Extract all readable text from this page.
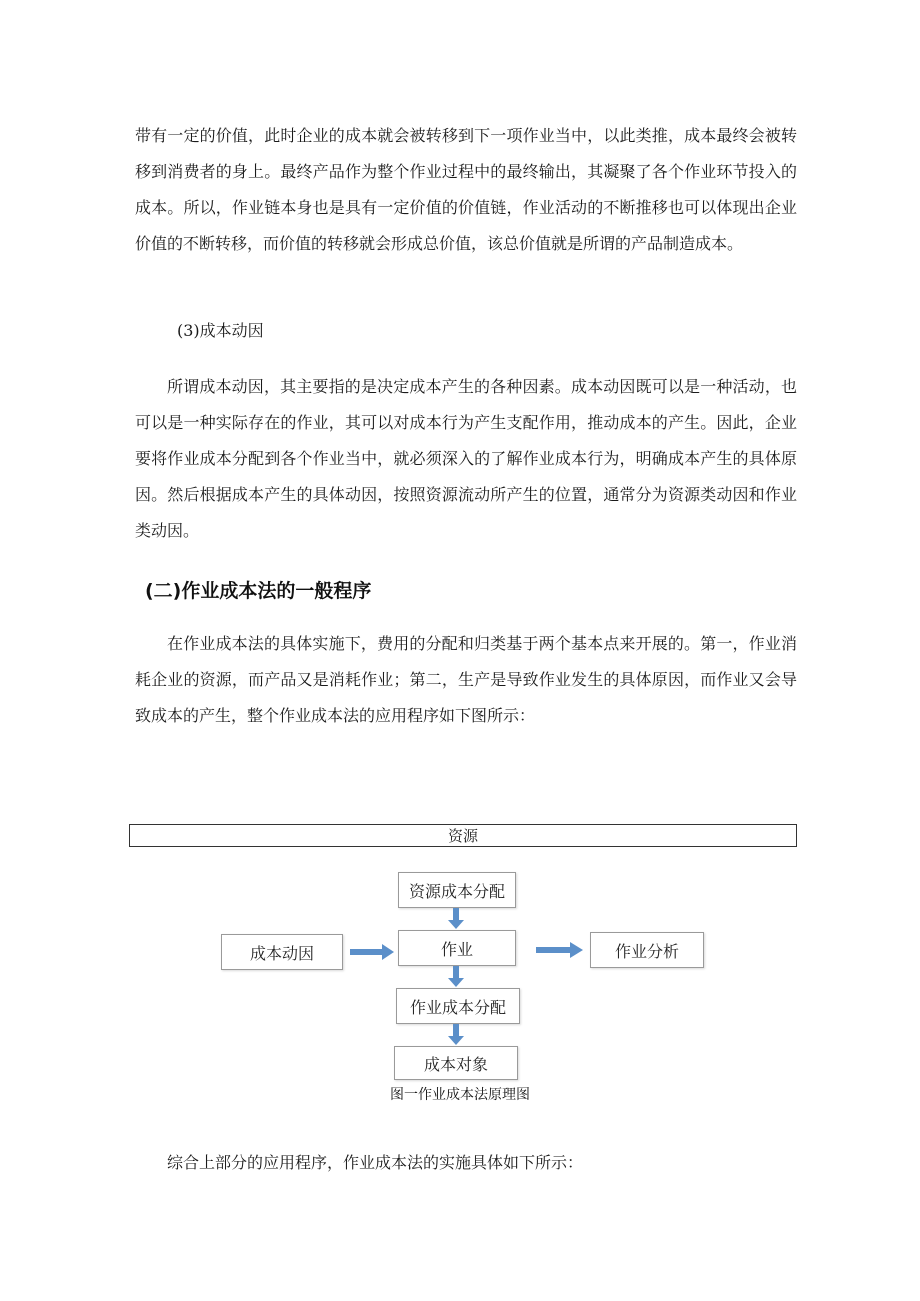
带有一定的价值，此时企业的成本就会被转移到下一项作业当中，以此类推，成本最终会被转移到消费者的身上。最终产品作为整个作业过程中的最终输出，其凝聚了各个作业环节投入的成本。所以，作业链本身也是具有一定价值的价值链，作业活动的不断推移也可以体现出企业价值的不断转移，而价值的转移就会形成总价值，该总价值就是所谓的产品制造成本。

(3)成本动因

所谓成本动因，其主要指的是决定成本产生的各种因素。成本动因既可以是一种活动，也可以是一种实际存在的作业，其可以对成本行为产生支配作用，推动成本的产生。因此，企业要将作业成本分配到各个作业当中，就必须深入的了解作业成本行为，明确成本产生的具体原因。然后根据成本产生的具体动因，按照资源流动所产生的位置，通常分为资源类动因和作业类动因。

(二)作业成本法的一般程序

在作业成本法的具体实施下，费用的分配和归类基于两个基本点来开展的。第一，作业消耗企业的资源，而产品又是消耗作业；第二，生产是导致作业发生的具体原因，而作业又会导致成本的产生，整个作业成本法的应用程序如下图所示：

资源
资源成本分配
成本动因	作业	作业分析
作业成本分配
成本对象

图一作业成本法原理图

综合上部分的应用程序，作业成本法的实施具体如下所示：
